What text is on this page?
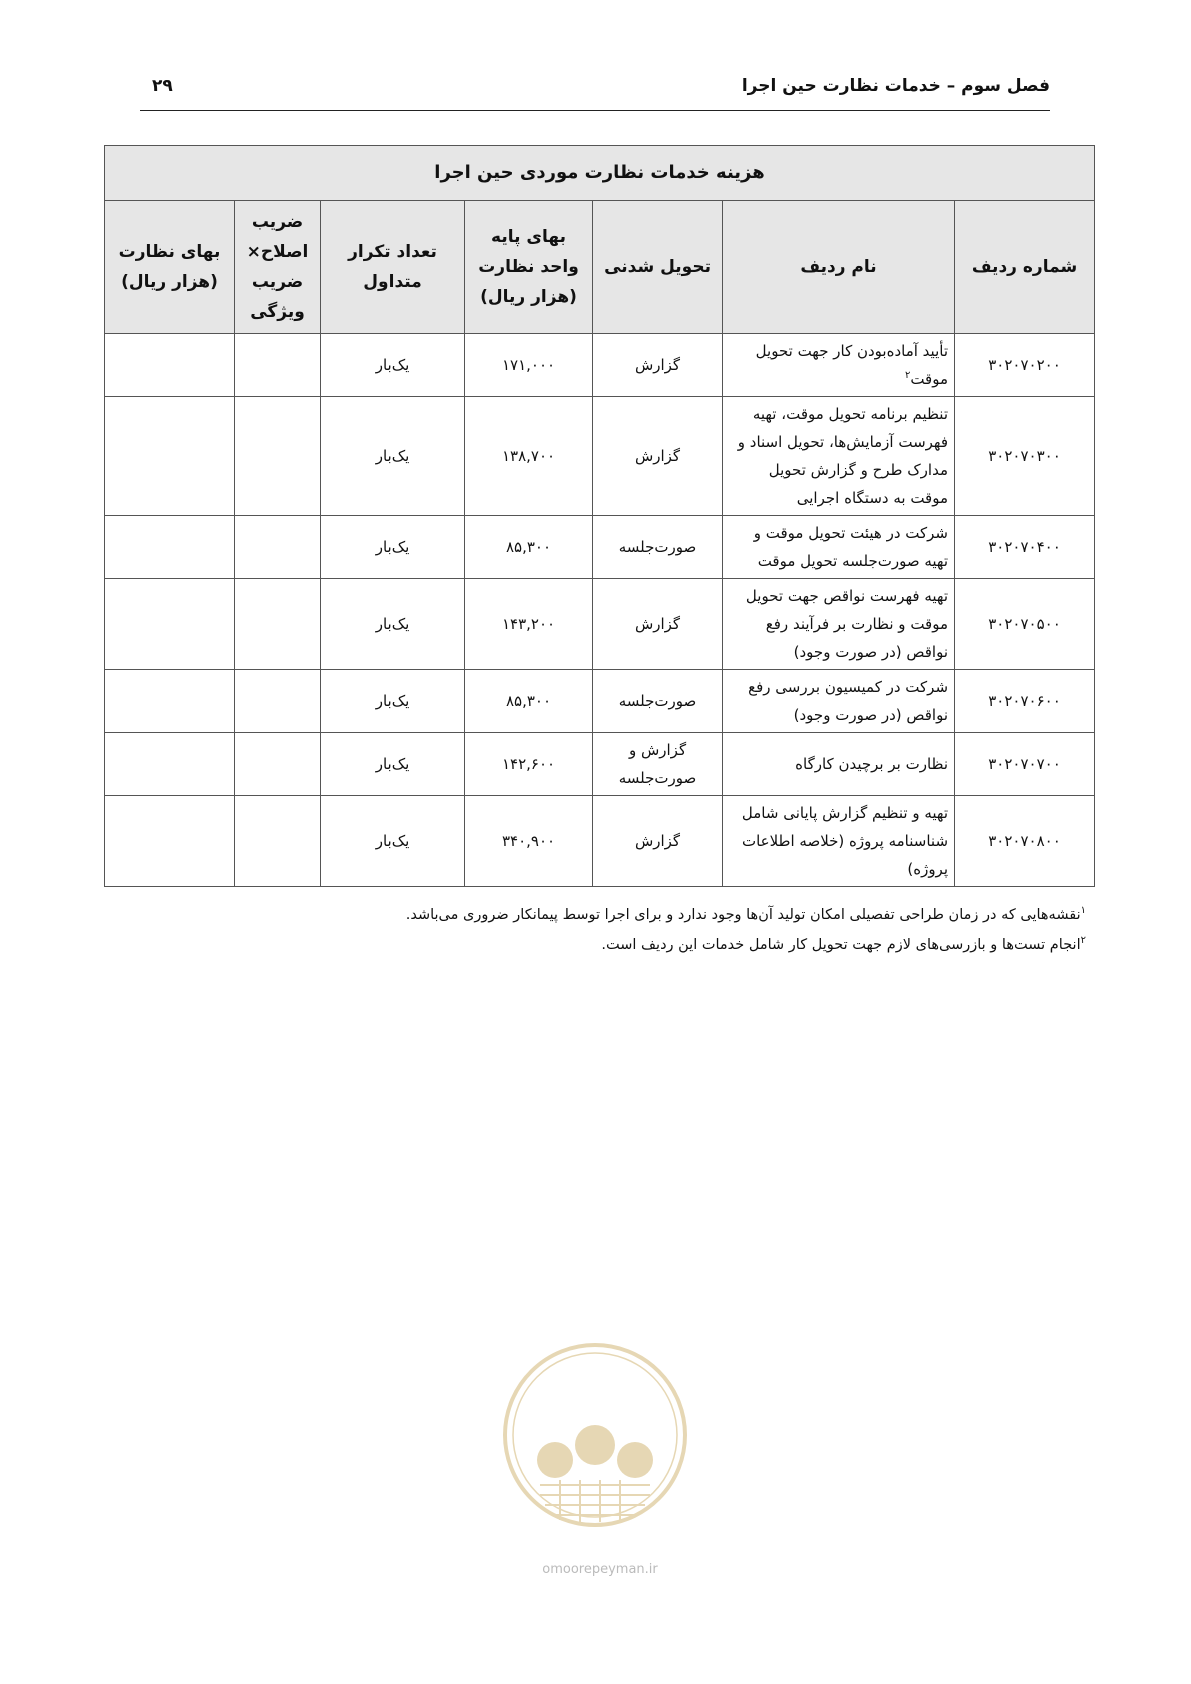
فصل سوم – خدمات نظارت حین اجرا
۲۹
هزینه خدمات نظارت موردی حین اجرا						
شماره ردیف	نام ردیف	تحویل شدنی	بهای پایه واحد نظارت (هزار ریال)	تعداد تکرار متداول	ضریب اصلاح× ضریب ویژگی	بهای نظارت (هزار ریال)
۳۰۲۰۷۰۲۰۰	تأیید آماده‌بودن کار جهت تحویل موقت$^۲$	گزارش	۱۷۱,۰۰۰	یک‌بار		
۳۰۲۰۷۰۳۰۰	تنظیم برنامه تحویل موقت، تهیه فهرست آزمایش‌ها، تحویل اسناد و مدارک طرح و گزارش تحویل موقت به دستگاه اجرایی	گزارش	۱۳۸,۷۰۰	یک‌بار		
۳۰۲۰۷۰۴۰۰	شرکت در هیئت تحویل موقت و تهیه صورت‌جلسه تحویل موقت	صورت‌جلسه	۸۵,۳۰۰	یک‌بار		
۳۰۲۰۷۰۵۰۰	تهیه فهرست نواقص جهت تحویل موقت و نظارت بر فرآیند رفع نواقص (در صورت وجود)	گزارش	۱۴۳,۲۰۰	یک‌بار		
۳۰۲۰۷۰۶۰۰	شرکت در کمیسیون بررسی رفع نواقص (در صورت وجود)	صورت‌جلسه	۸۵,۳۰۰	یک‌بار		
۳۰۲۰۷۰۷۰۰	نظارت بر برچیدن کارگاه	گزارش و صورت‌جلسه	۱۴۲,۶۰۰	یک‌بار		
۳۰۲۰۷۰۸۰۰	تهیه و تنظیم گزارش پایانی شامل شناسنامه پروژه (خلاصه اطلاعات پروژه)	گزارش	۳۴۰,۹۰۰	یک‌بار		

$^۱$نقشه‌هایی که در زمان طراحی تفصیلی امکان تولید آن‌ها وجود ندارد و برای اجرا توسط پیمانکار ضروری می‌باشد.

$^۲$انجام تست‌ها و بازرسی‌های لازم جهت تحویل کار شامل خدمات این ردیف است.

omoorepeyman.ir
